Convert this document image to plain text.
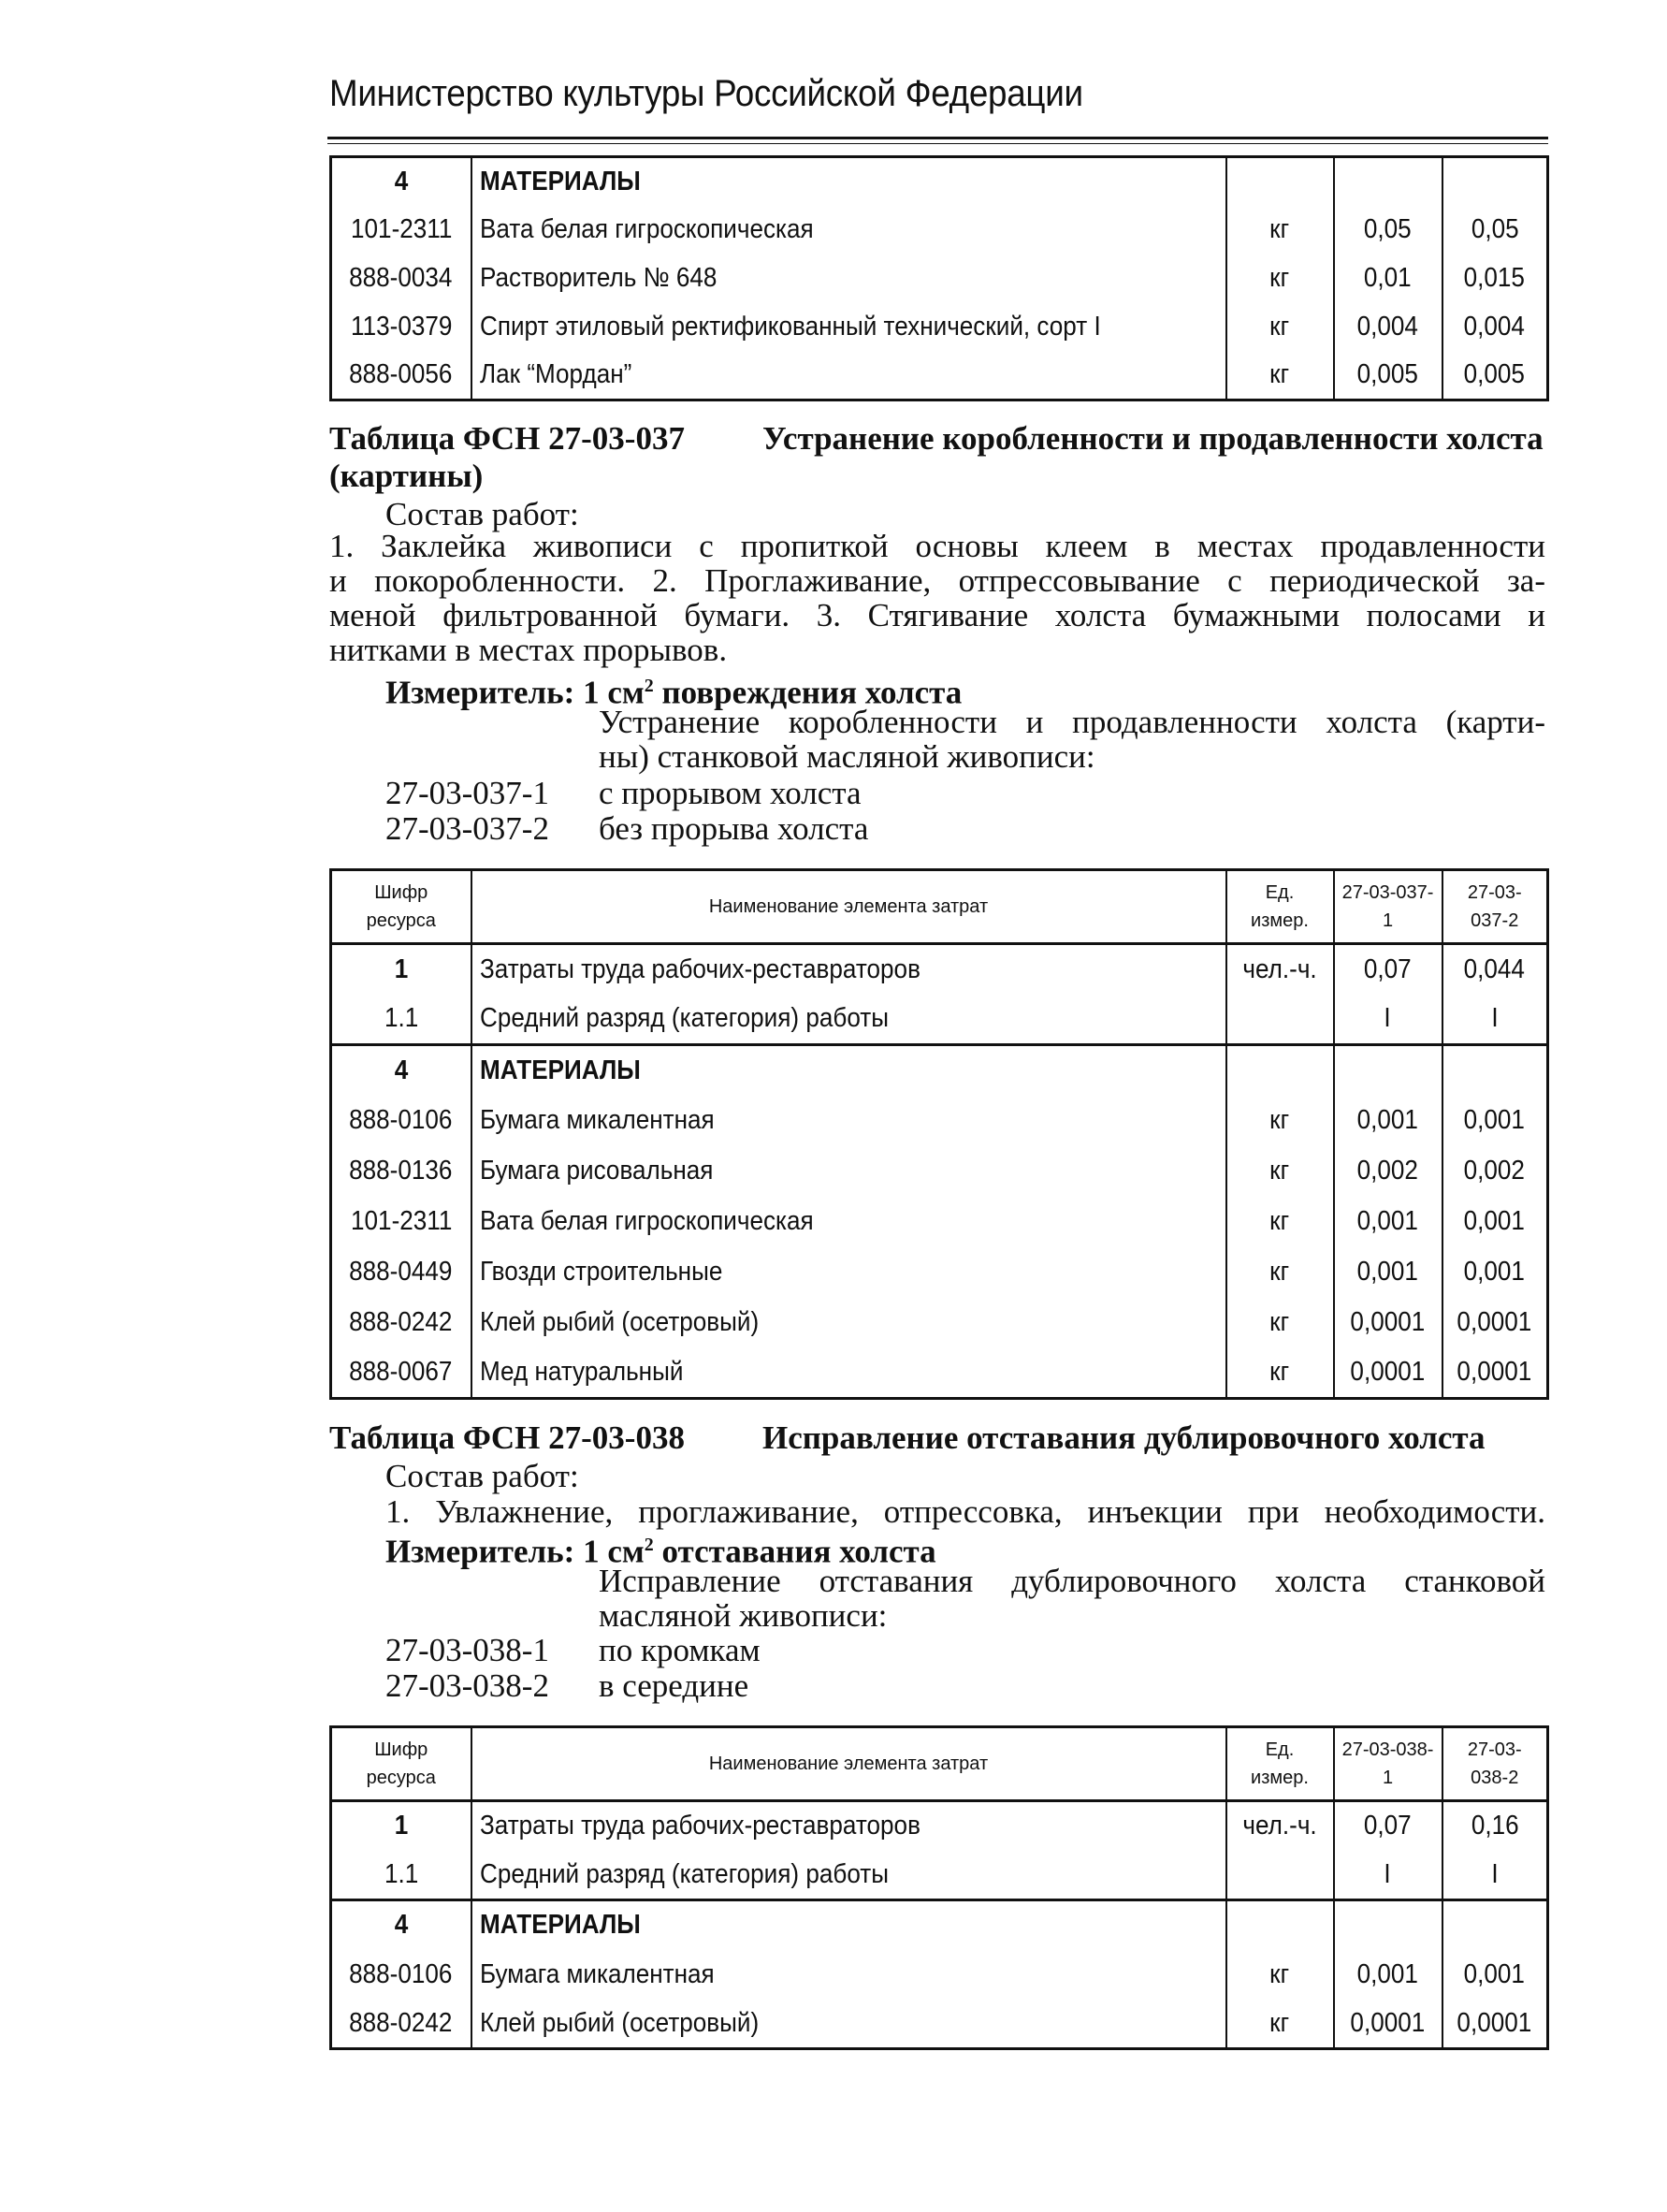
Министерство культуры Российской Федерации
4	МАТЕРИАЛЫ			
101-2311	Вата белая гигроскопическая	кг	0,05	0,05
888-0034	Растворитель № 648	кг	0,01	0,015
113-0379	Спирт этиловый ректификованный технический, сорт I	кг	0,004	0,004
888-0056	Лак “Мордан”	кг	0,005	0,005
Таблица ФСН 27-03-037 Устранение коробленности и продавленности холста
(картины)
Состав работ:
1. Заклейка живописи с пропиткой основы клеем в местах продавленности
и покоробленности. 2. Проглаживание, отпрессовывание с периодической за-
меной фильтрованной бумаги. 3. Стягивание холста бумажными полосами и
нитками в местах прорывов.
Измеритель: 1 $см^2$ повреждения холста
Устранение коробленности и продавленности холста (карти-
ны) станковой масляной живописи:
27-03-037-1 с прорывом холста
27-03-037-2 без прорыва холста
Шифр ресурса	Наименование элемента затрат	Ед. измер.	27-03-037-1	27-03-037-2
1	Затраты труда рабочих-реставраторов	чел.-ч.	0,07	0,044
1.1	Средний разряд (категория) работы		I	I
4	МАТЕРИАЛЫ			
888-0106	Бумага микалентная	кг	0,001	0,001
888-0136	Бумага рисовальная	кг	0,002	0,002
101-2311	Вата белая гигроскопическая	кг	0,001	0,001
888-0449	Гвозди строительные	кг	0,001	0,001
888-0242	Клей рыбий (осетровый)	кг	0,0001	0,0001
888-0067	Мед натуральный	кг	0,0001	0,0001
Таблица ФСН 27-03-038 Исправление отставания дублировочного холста
Состав работ:
1. Увлажнение, проглаживание, отпрессовка, инъекции при необходимости.
Измеритель: 1 $см^2$ отставания холста
Исправление отставания дублировочного холста станковой
масляной живописи:
27-03-038-1 по кромкам
27-03-038-2 в середине
Шифр ресурса	Наименование элемента затрат	Ед. измер.	27-03-038-1	27-03-038-2
1	Затраты труда рабочих-реставраторов	чел.-ч.	0,07	0,16
1.1	Средний разряд (категория) работы		I	I
4	МАТЕРИАЛЫ			
888-0106	Бумага микалентная	кг	0,001	0,001
888-0242	Клей рыбий (осетровый)	кг	0,0001	0,0001
